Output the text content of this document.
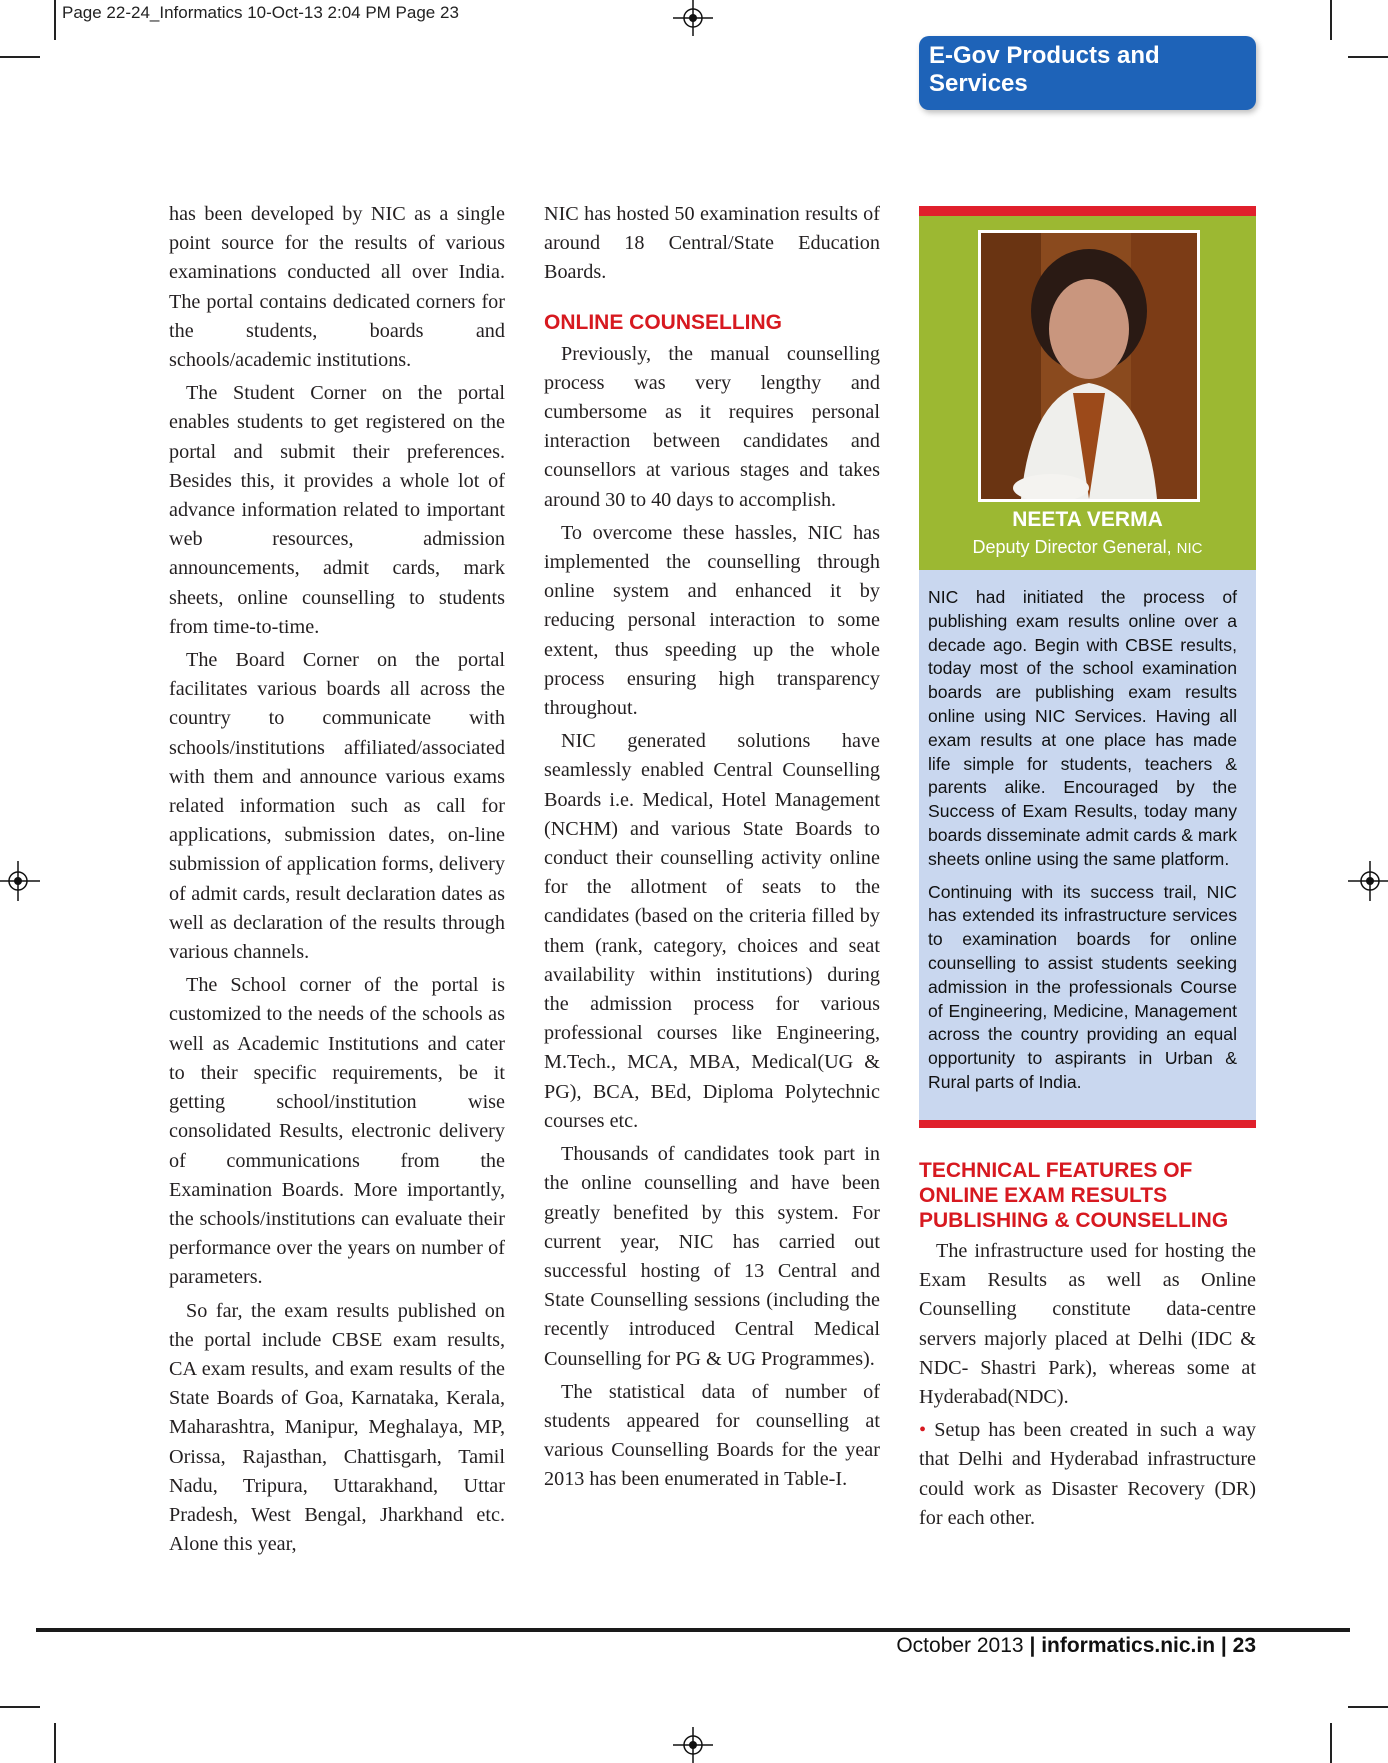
Page 22-24_Informatics 10-Oct-13 2:04 PM Page 23
E-Gov Products and Services

has been developed by NIC as a single point source for the results of various examinations conducted all over India. The portal contains dedicated corners for the students, boards and schools/academic institutions.

The Student Corner on the portal enables students to get registered on the portal and submit their preferences. Besides this, it provides a whole lot of advance information related to important web resources, admission announcements, admit cards, mark sheets, online counselling to students from time-to-time.

The Board Corner on the portal facilitates various boards all across the country to communicate with schools/institutions affiliated/associated with them and announce various exams related information such as call for applications, submission dates, on-line submission of application forms, delivery of admit cards, result declaration dates as well as declaration of the results through various channels.

The School corner of the portal is customized to the needs of the schools as well as Academic Institutions and cater to their specific requirements, be it getting school/institution wise consolidated Results, electronic delivery of communications from the Examination Boards. More importantly, the schools/institutions can evaluate their performance over the years on number of parameters.

So far, the exam results published on the portal include CBSE exam results, CA exam results, and exam results of the State Boards of Goa, Karnataka, Kerala, Maharashtra, Manipur, Meghalaya, MP, Orissa, Rajasthan, Chattisgarh, Tamil Nadu, Tripura, Uttarakhand, Uttar Pradesh, West Bengal, Jharkhand etc. Alone this year,

NIC has hosted 50 examination results of around 18 Central/State Education Boards.

ONLINE COUNSELLING

Previously, the manual counselling process was very lengthy and cumbersome as it requires personal interaction between candidates and counsellors at various stages and takes around 30 to 40 days to accomplish.

To overcome these hassles, NIC has implemented the counselling through online system and enhanced it by reducing personal interaction to some extent, thus speeding up the whole process ensuring high transparency throughout.

NIC generated solutions have seamlessly enabled Central Counselling Boards i.e. Medical, Hotel Management (NCHM) and various State Boards to conduct their counselling activity online for the allotment of seats to the candidates (based on the criteria filled by them (rank, category, choices and seat availability within institutions) during the admission process for various professional courses like Engineering, M.Tech., MCA, MBA, Medical(UG & PG), BCA, BEd, Diploma Polytechnic courses etc.

Thousands of candidates took part in the online counselling and have been greatly benefited by this system. For current year, NIC has carried out successful hosting of 13 Central and State Counselling sessions (including the recently introduced Central Medical Counselling for PG & UG Programmes).

The statistical data of number of students appeared for counselling at various Counselling Boards for the year 2013 has been enumerated in Table-I.

NEETA VERMA
Deputy Director General, NIC

NIC had initiated the process of publishing exam results online over a decade ago. Begin with CBSE results, today most of the school examination boards are publishing exam results online using NIC Services. Having all exam results at one place has made life simple for students, teachers & parents alike. Encouraged by the Success of Exam Results, today many boards disseminate admit cards & mark sheets online using the same platform.

Continuing with its success trail, NIC has extended its infrastructure services to examination boards for online counselling to assist students seeking admission in the professionals Course of Engineering, Medicine, Management across the country providing an equal opportunity to aspirants in Urban & Rural parts of India.

TECHNICAL FEATURES OF ONLINE EXAM RESULTS PUBLISHING & COUNSELLING

The infrastructure used for hosting the Exam Results as well as Online Counselling constitute data-centre servers majorly placed at Delhi (IDC & NDC- Shastri Park), whereas some at Hyderabad(NDC).

• Setup has been created in such a way that Delhi and Hyderabad infrastructure could work as Disaster Recovery (DR) for each other.

October 2013 | informatics.nic.in | 23
